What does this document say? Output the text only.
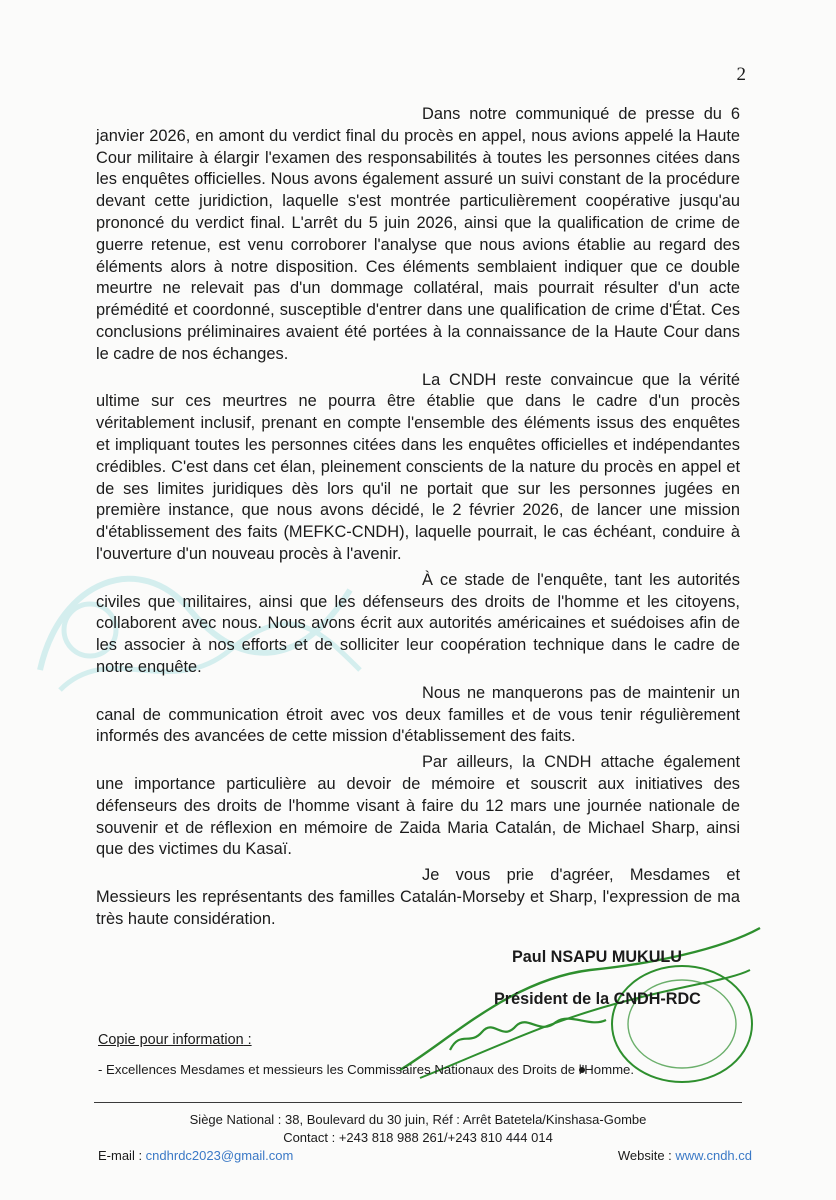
2

Dans notre communiqué de presse du 6 janvier 2026, en amont du verdict final du procès en appel, nous avions appelé la Haute Cour militaire à élargir l'examen des responsabilités à toutes les personnes citées dans les enquêtes officielles. Nous avons également assuré un suivi constant de la procédure devant cette juridiction, laquelle s'est montrée particulièrement coopérative jusqu'au prononcé du verdict final. L'arrêt du 5 juin 2026, ainsi que la qualification de crime de guerre retenue, est venu corroborer l'analyse que nous avions établie au regard des éléments alors à notre disposition. Ces éléments semblaient indiquer que ce double meurtre ne relevait pas d'un dommage collatéral, mais pourrait résulter d'un acte prémédité et coordonné, susceptible d'entrer dans une qualification de crime d'État. Ces conclusions préliminaires avaient été portées à la connaissance de la Haute Cour dans le cadre de nos échanges.

La CNDH reste convaincue que la vérité ultime sur ces meurtres ne pourra être établie que dans le cadre d'un procès véritablement inclusif, prenant en compte l'ensemble des éléments issus des enquêtes et impliquant toutes les personnes citées dans les enquêtes officielles et indépendantes crédibles. C'est dans cet élan, pleinement conscients de la nature du procès en appel et de ses limites juridiques dès lors qu'il ne portait que sur les personnes jugées en première instance, que nous avons décidé, le 2 février 2026, de lancer une mission d'établissement des faits (MEFKC-CNDH), laquelle pourrait, le cas échéant, conduire à l'ouverture d'un nouveau procès à l'avenir.

À ce stade de l'enquête, tant les autorités civiles que militaires, ainsi que les défenseurs des droits de l'homme et les citoyens, collaborent avec nous. Nous avons écrit aux autorités américaines et suédoises afin de les associer à nos efforts et de solliciter leur coopération technique dans le cadre de notre enquête.

Nous ne manquerons pas de maintenir un canal de communication étroit avec vos deux familles et de vous tenir régulièrement informés des avancées de cette mission d'établissement des faits.

Par ailleurs, la CNDH attache également une importance particulière au devoir de mémoire et souscrit aux initiatives des défenseurs des droits de l'homme visant à faire du 12 mars une journée nationale de souvenir et de réflexion en mémoire de Zaida Maria Catalán, de Michael Sharp, ainsi que des victimes du Kasaï.

Je vous prie d'agréer, Mesdames et Messieurs les représentants des familles Catalán-Morseby et Sharp, l'expression de ma très haute considération.

Paul NSAPU MUKULU
Président de la CNDH-RDC
Copie pour information :
- Excellences Mesdames et messieurs les Commissaires Nationaux des Droits de l'Homme.
Siège National : 38, Boulevard du 30 juin, Réf : Arrêt Batetela/Kinshasa-Gombe
Contact : +243 818 988 261/+243 810 444 014
E-mail : cndhrdc2023@gmail.com	Website : www.cndh.cd
